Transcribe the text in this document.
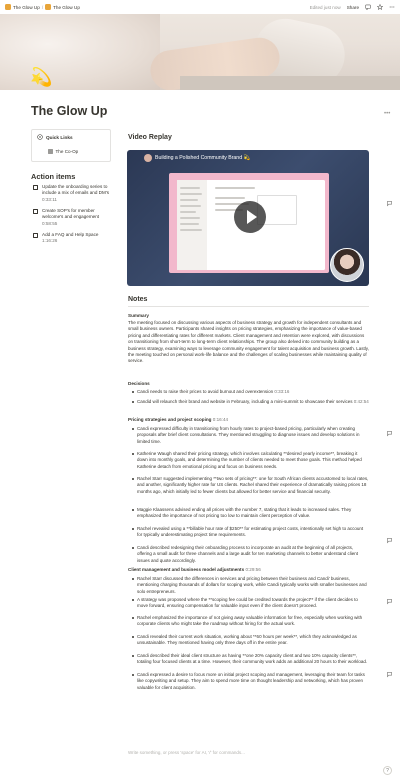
The Glow Up / The Glow Up	Edited just now Share
💫
The Glow Up	•••
Quick Links
The Co-Op
Action items
Update the onboarding series to include a mix of emails and DM's 0:33:11
Create SOP's for member welcome's and engagement 0:58:55
Add a FAQ and Help Space 1:16:26
Video Replay
Building a Polished Community Brand 💫
Notes
Summary
The meeting focused on discussing various aspects of business strategy and growth for independent consultants and small business owners. Participants shared insights on pricing strategies, emphasizing the importance of value-based pricing and differentiating rates for different markets. Client management and retention were explored, with discussions on transitioning from short-term to long-term client relationships. The group also delved into community building as a business strategy, examining ways to leverage community engagement for talent acquisition and business growth. Lastly, the meeting touched on personal work-life balance and the challenges of scaling businesses while maintaining quality of service.
Decisions
Candi needs to raise their prices to avoid burnout and overextension 0:33:16
Candid will relaunch their brand and website in February, including a mini-summit to showcase their services 0:42:54
Pricing strategies and project scoping 0:16:44
Candi expressed difficulty in transitioning from hourly rates to project-based pricing, particularly when creating proposals after brief client consultations. They mentioned struggling to diagnose issues and develop solutions in limited time.
Katherine Waugh shared their pricing strategy, which involves calculating **desired yearly income**, breaking it down into monthly goals, and determining the number of clients needed to meet those goals. This method helped Katherine detach from emotional pricing and focus on business needs.
Rachel Starr suggested implementing **two sets of pricing**: one for South African clients accustomed to local rates, and another, significantly higher rate for US clients. Rachel shared their experience of dramatically raising prices 18 months ago, which initially led to fewer clients but allowed for better service and financial security.
Maggie Klaassens advised ending all prices with the number 7, stating that it leads to increased sales. They emphasized the importance of not pricing too low to maintain client perception of value.
Rachel revealed using a **billable hour rate of $250** for estimating project costs, intentionally set high to account for typically underestimating project time requirements.
Candi described redesigning their onboarding process to incorporate an audit at the beginning of all projects, offering a small audit for three channels and a large audit for ten marketing channels to better understand client issues and quote accordingly.
Client management and business model adjustments 0:29:56
Rachel Starr discussed the differences in services and pricing between their business and Candi' business, mentioning charging thousands of dollars for scoping work, while Candi typically works with smaller businesses and solo entrepreneurs.
A strategy was proposed where the **scoping fee could be credited towards the project** if the client decides to move forward, ensuring compensation for valuable input even if the client doesn't proceed.
Rachel emphasized the importance of not giving away valuable information for free, especially when working with corporate clients who might take the roadmap without hiring for the actual work.
Candi revealed their current work situation, working about **60 hours per week**, which they acknowledged as unsustainable. They mentioned having only three days off in the entire year.
Candi described their ideal client structure as having **one 20% capacity client and two 10% capacity clients**, totaling four focused clients at a time. However, their community work adds an additional 20 hours to their workload.
Candi expressed a desire to focus more on initial project scoping and management, leveraging their team for tasks like copywriting and setup. They aim to spend more time on thought leadership and networking, which has proven valuable for client acquisition.
Write something, or press 'space' for AI, '/' for commands...
?
